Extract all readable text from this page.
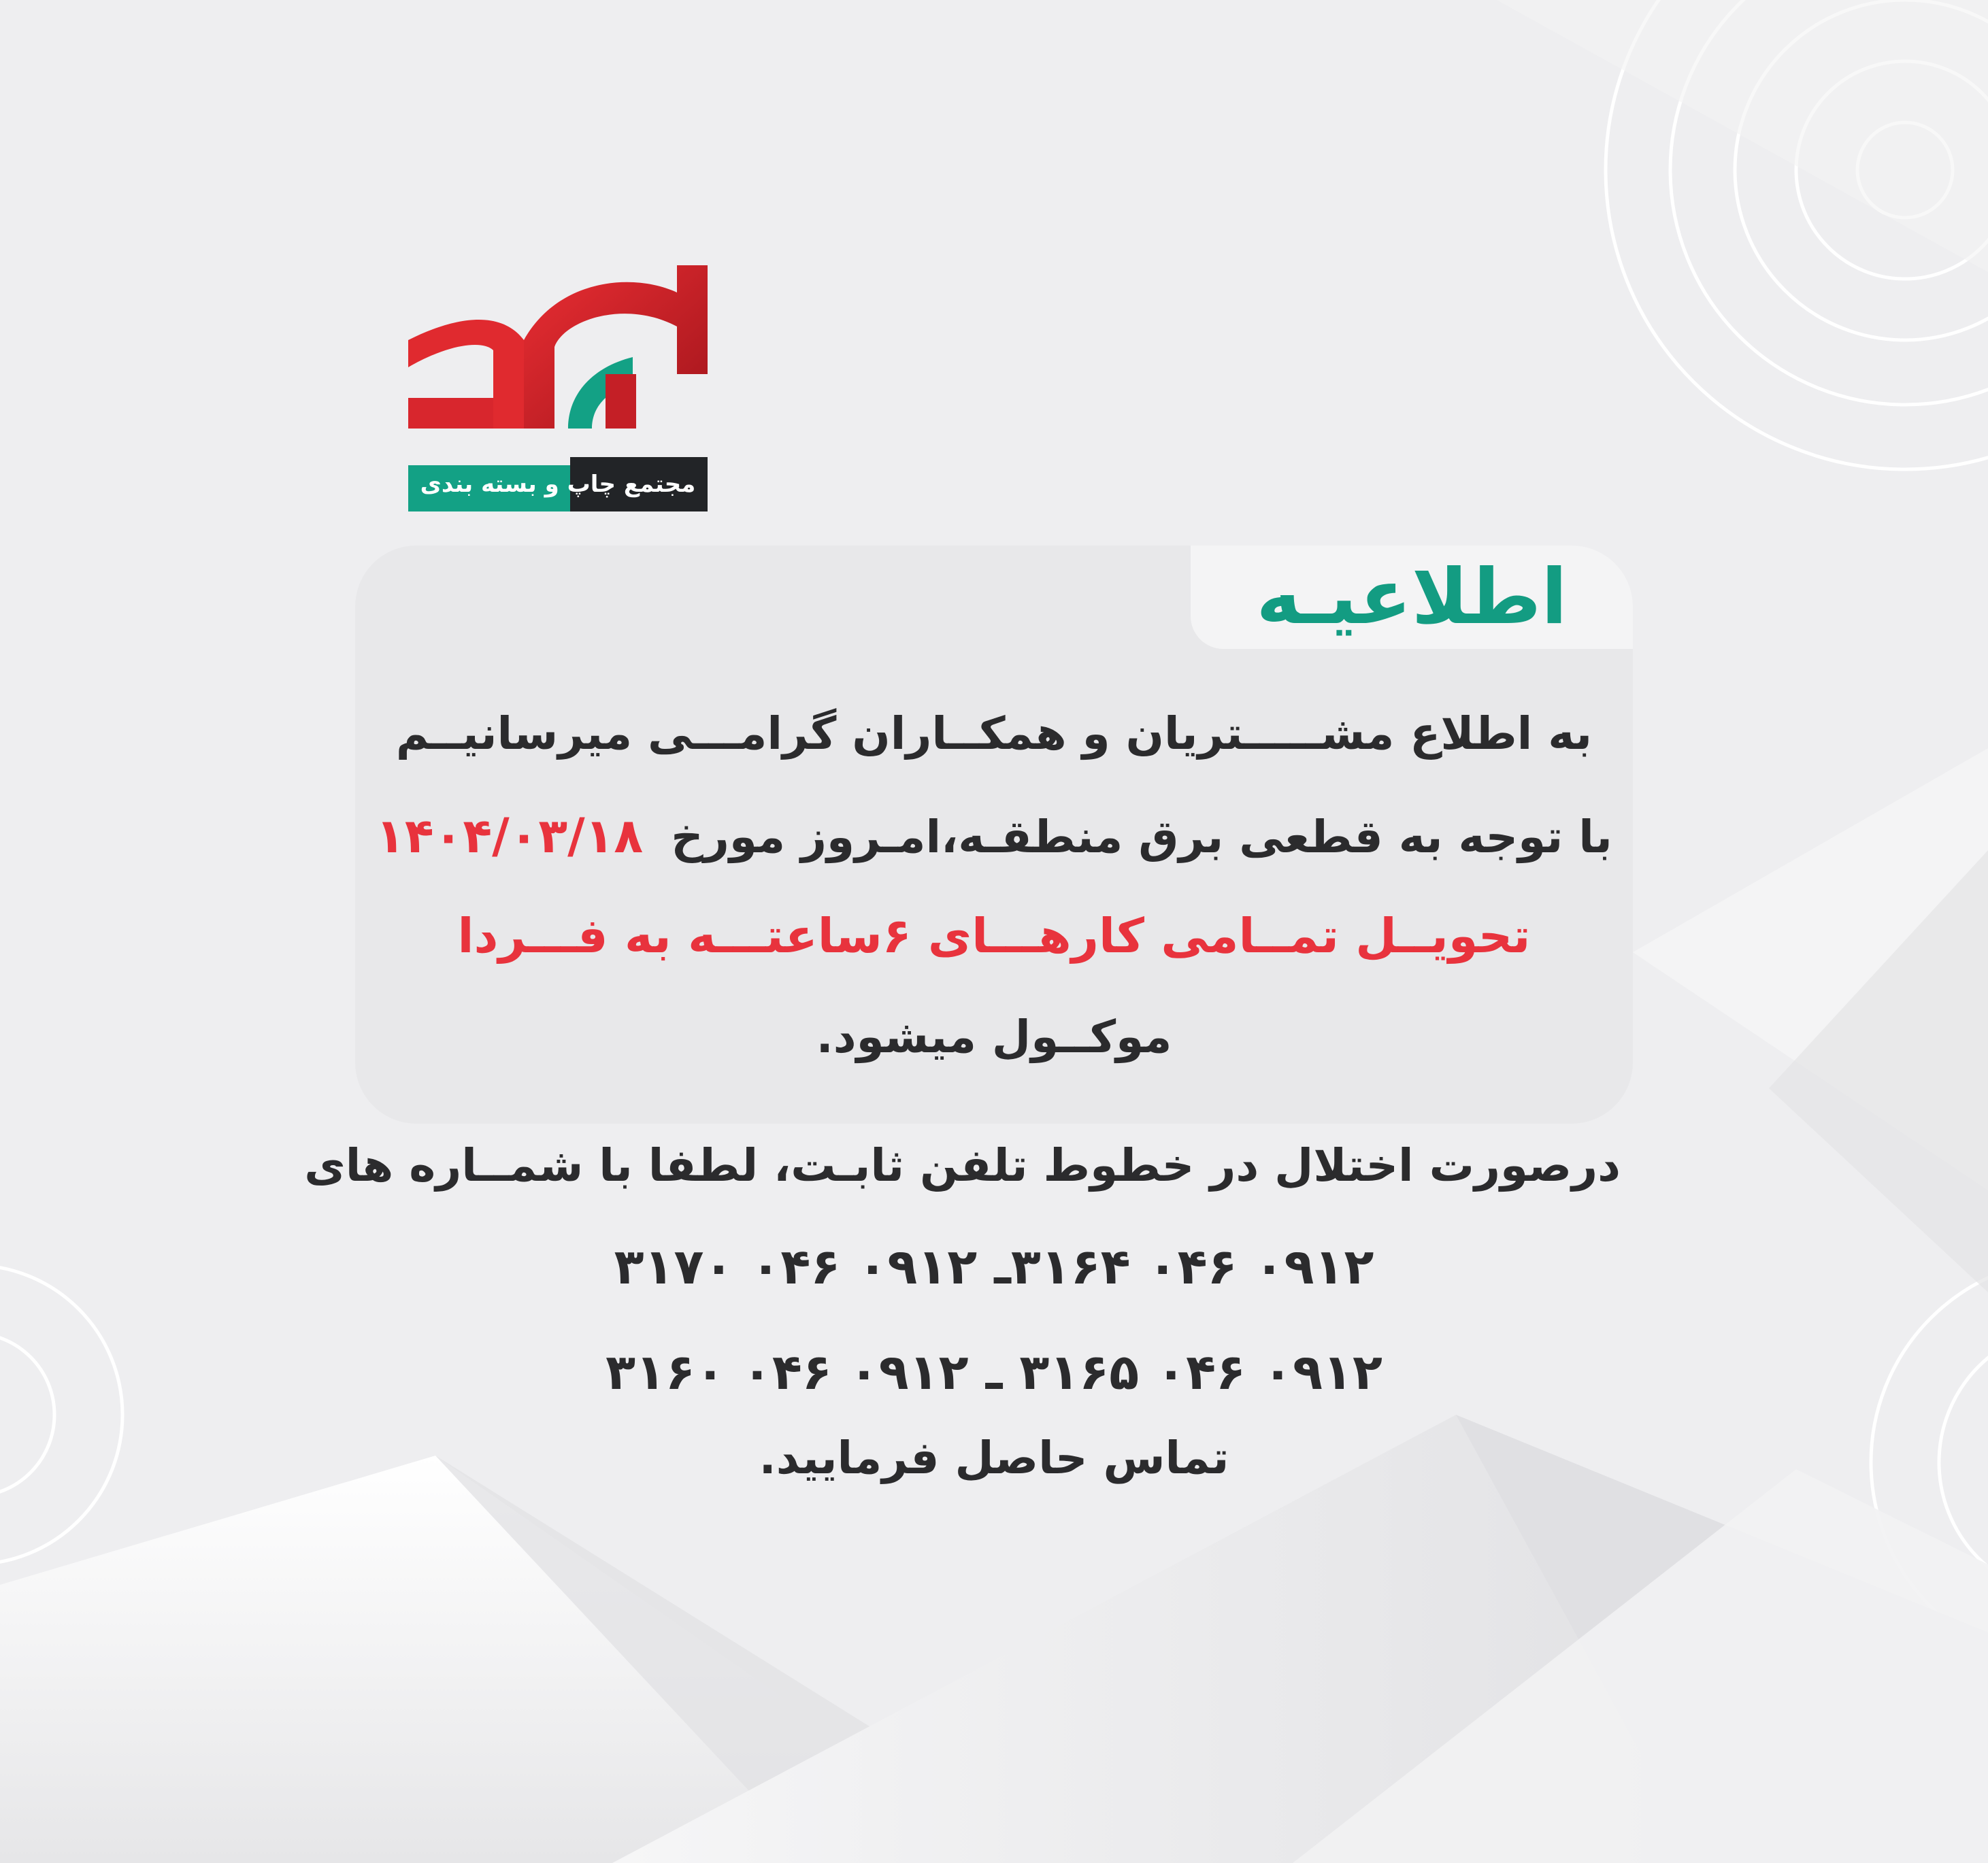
مجتمع چاپ و بسته بندی
اطلاعیـه

به اطلاع مشـــــتریان و همکــاران گرامـــی میرسانیــم

با توجه به قطعی برق منطقـه،امـروز مورخ  ۱۴۰۴/۰۳/۱۸

تحویــل تمــامی کارهـــای ۶ساعتـــه به فـــردا

موکــول میشود.

درصورت اختلال در خطوط تلفن ثابـت، لطفا با شمــاره های

۰۹۱۲ ۰۴۶ ۳۱۶۴ـ ۰۹۱۲ ۰۴۶ ۳۱۷۰

۰۹۱۲ ۰۴۶ ۳۱۶۵ ـ ۰۹۱۲ ۰۴۶ ۳۱۶۰

تماس حاصل فرمایید.
